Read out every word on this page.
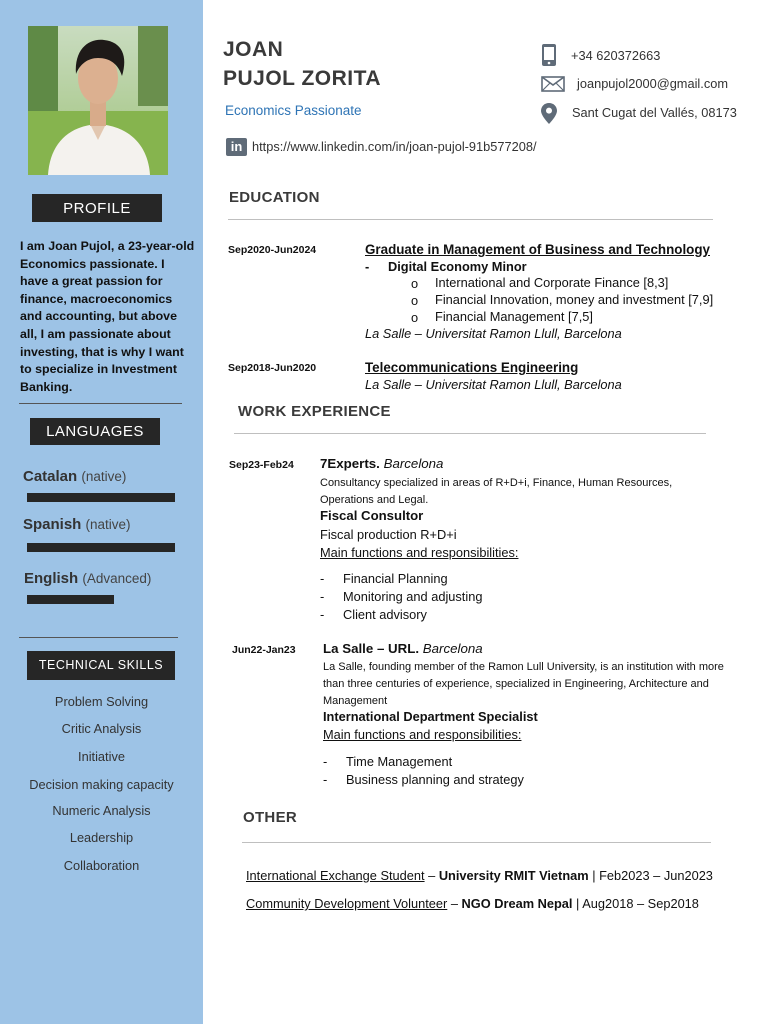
PROFILE
I am Joan Pujol, a 23-year-old Economics passionate. I have a great passion for finance, macroeconomics and accounting, but above all, I am passionate about investing, that is why I want to specialize in Investment Banking.
LANGUAGES
Catalan (native)
Spanish (native)
English (Advanced)
TECHNICAL SKILLS
Problem Solving
Critic Analysis
Initiative
Decision making capacity
Numeric Analysis
Leadership
Collaboration
JOAN
PUJOL ZORITA
Economics Passionate
in https://www.linkedin.com/in/joan-pujol-91b577208/
+34 620372663
joanpujol2000@gmail.com
Sant Cugat del Vallés, 08173
EDUCATION
Sep2020-Jun2024	Graduate in Management of Business and Technology
- Digital Economy Minor
o International and Corporate Finance [8,3]
o Financial Innovation, money and investment [7,9]
o Financial Management [7,5]
La Salle – Universitat Ramon Llull, Barcelona
Sep2018-Jun2020	Telecommunications Engineering
La Salle – Universitat Ramon Llull, Barcelona
WORK EXPERIENCE
Sep23-Feb24 7Experts. Barcelona
Consultancy specialized in areas of R+D+i, Finance, Human Resources, Operations and Legal.
Fiscal Consultor
Fiscal production R+D+i
Main functions and responsibilities:
- Financial Planning
- Monitoring and adjusting
- Client advisory
Jun22-Jan23 La Salle – URL. Barcelona
La Salle, founding member of the Ramon Lull University, is an institution with more than three centuries of experience, specialized in Engineering, Architecture and Management
International Department Specialist
Main functions and responsibilities:
- Time Management
- Business planning and strategy
OTHER
International Exchange Student – University RMIT Vietnam | Feb2023 – Jun2023
Community Development Volunteer – NGO Dream Nepal | Aug2018 – Sep2018
